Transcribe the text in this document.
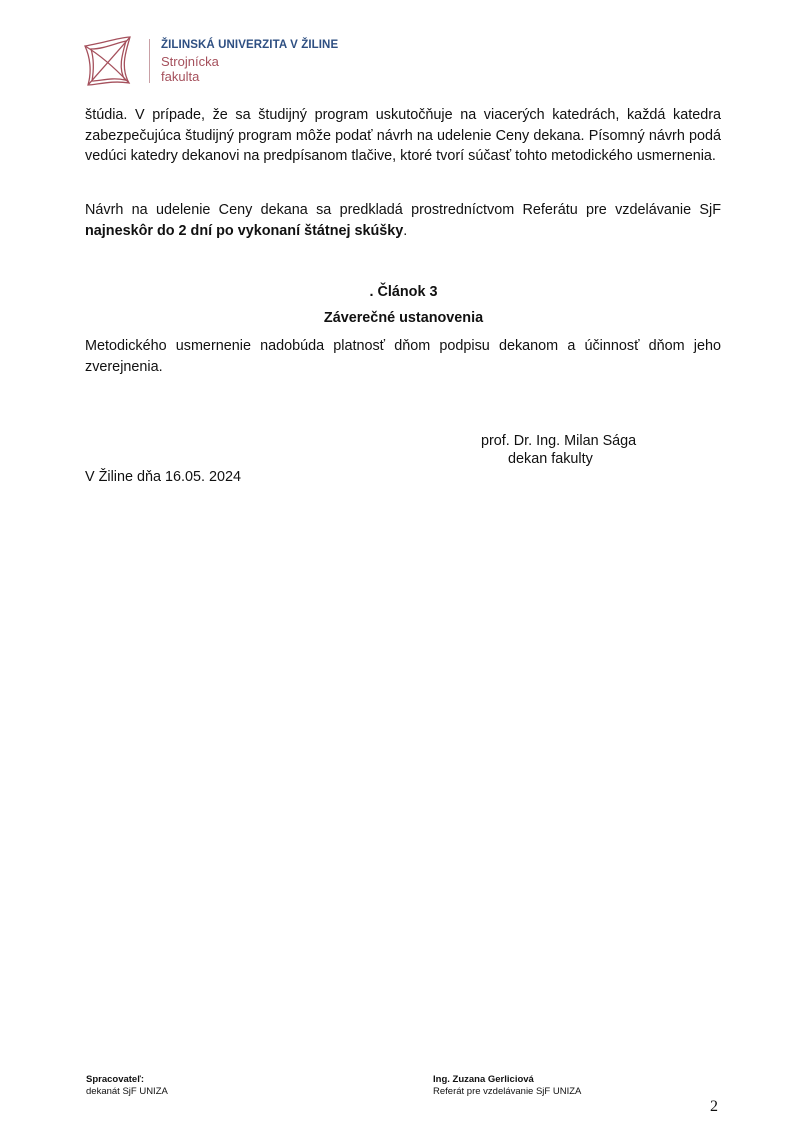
ŽILINSKÁ UNIVERZITA V ŽILINE
Strojnícka
fakulta
štúdia. V prípade, že sa študijný program uskutočňuje na viacerých katedrách, každá katedra zabezpečujúca študijný program môže podať návrh na udelenie Ceny dekana. Písomný návrh podá vedúci katedry dekanovi na predpísanom tlačive, ktoré tvorí súčasť tohto metodického usmernenia.
Návrh na udelenie Ceny dekana sa predkladá prostredníctvom Referátu pre vzdelávanie SjF najneskôr do 2 dní po vykonaní štátnej skúšky.
. Článok 3
Záverečné ustanovenia
Metodického usmernenie nadobúda platnosť dňom podpisu dekanom a účinnosť dňom jeho zverejnenia.
prof. Dr. Ing. Milan Sága
dekan fakulty
V Žiline dňa 16.05. 2024
Spracovateľ:
dekanát SjF UNIZA
Ing. Zuzana Gerliciová
Referát pre vzdelávanie SjF UNIZA
2
